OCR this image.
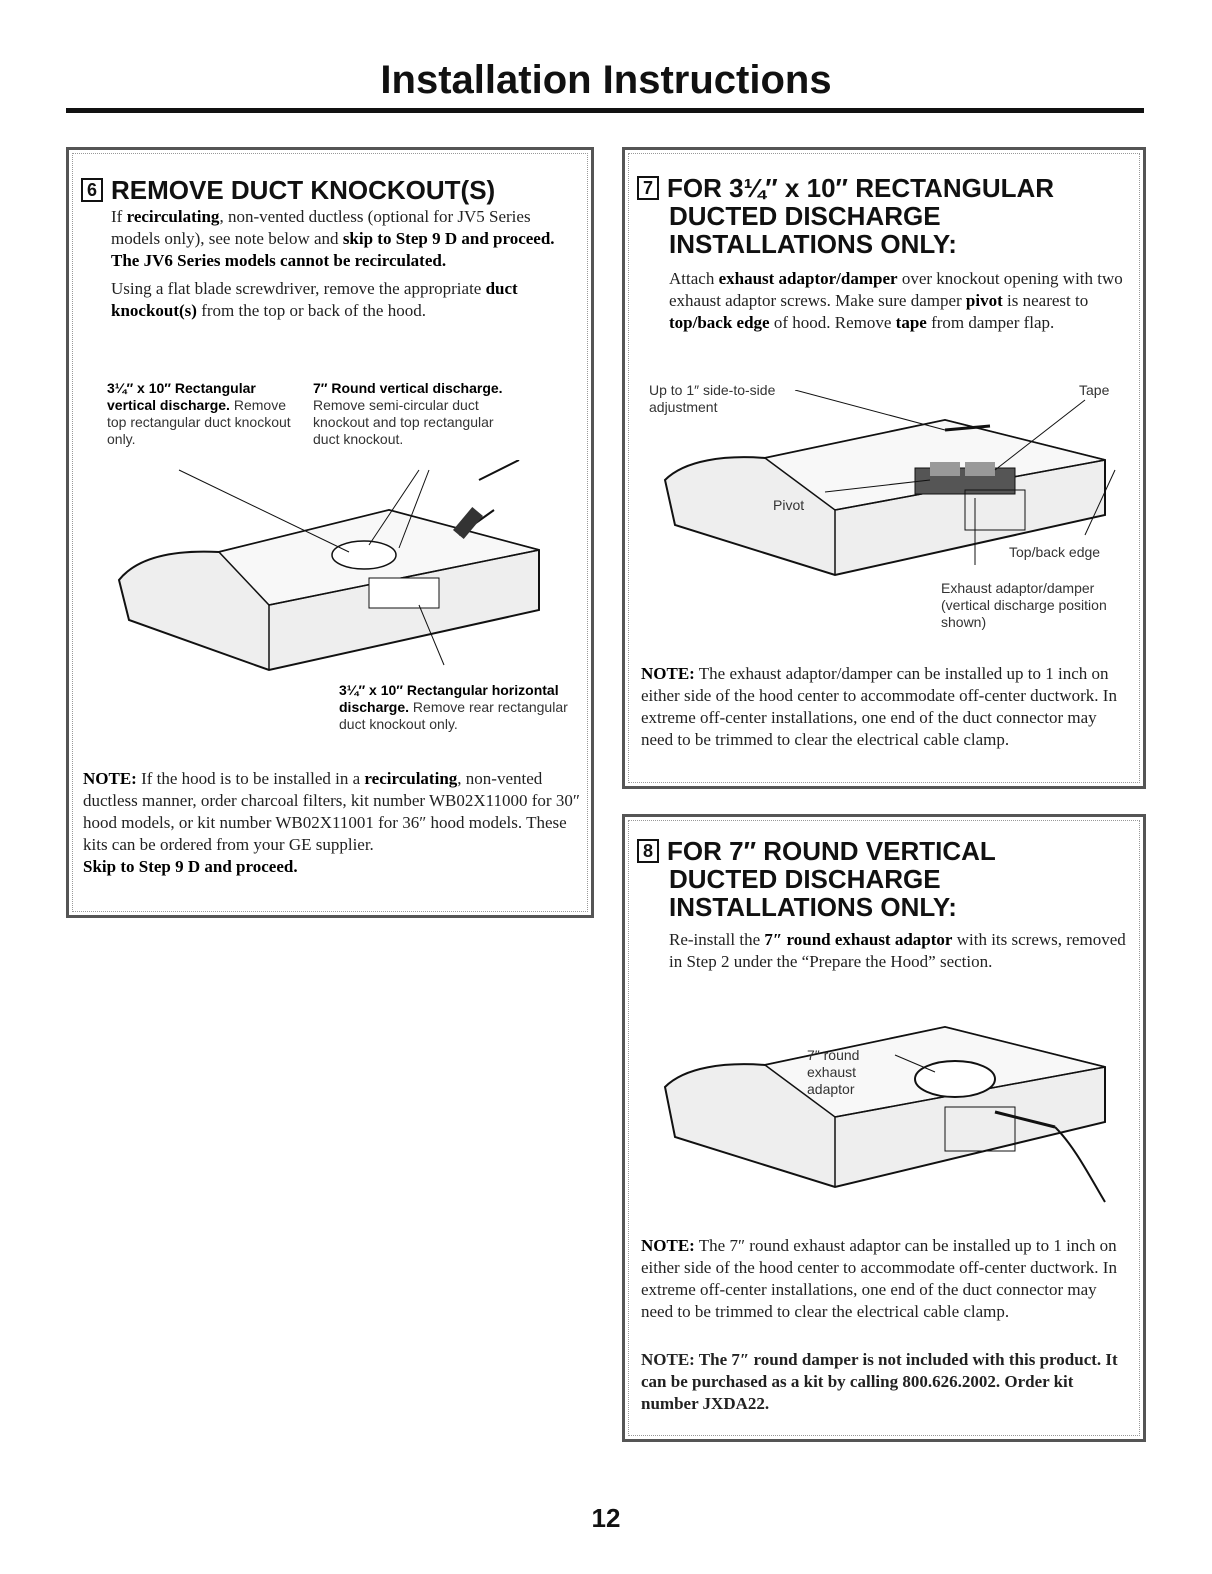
Installation Instructions
6 REMOVE DUCT KNOCKOUT(S)

If recirculating, non-vented ductless (optional for JV5 Series models only), see note below and skip to Step 9 D and proceed. The JV6 Series models cannot be recirculated.

Using a flat blade screwdriver, remove the appropriate duct knockout(s) from the top or back of the hood.

3¼″ x 10″ Rectangular vertical discharge. Remove top rectangular duct knockout only.
7″ Round vertical discharge. Remove semi-circular duct knockout and top rectangular duct knockout.
3¼″ x 10″ Rectangular horizontal discharge. Remove rear rectangular duct knockout only.
NOTE: If the hood is to be installed in a recirculating, non-vented ductless manner, order charcoal filters, kit number WB02X11000 for 30″ hood models, or kit number WB02X11001 for 36″ hood models. These kits can be ordered from your GE supplier.
Skip to Step 9 D and proceed.
7 FOR 3¼″ x 10″ RECTANGULAR
DUCTED DISCHARGE
INSTALLATIONS ONLY:
Attach exhaust adaptor/damper over knockout opening with two exhaust adaptor screws. Make sure damper pivot is nearest to top/back edge of hood. Remove tape from damper flap.
Up to 1″ side-to-side adjustment
Tape
Pivot
Top/back edge
Exhaust adaptor/damper (vertical discharge position shown)
NOTE: The exhaust adaptor/damper can be installed up to 1 inch on either side of the hood center to accommodate off-center ductwork. In extreme off-center installations, one end of the duct connector may need to be trimmed to clear the electrical cable clamp.
8 FOR 7″ ROUND VERTICAL
DUCTED DISCHARGE
INSTALLATIONS ONLY:
Re-install the 7″ round exhaust adaptor with its screws, removed in Step 2 under the “Prepare the Hood” section.
7″ round exhaust adaptor
NOTE: The 7″ round exhaust adaptor can be installed up to 1 inch on either side of the hood center to accommodate off-center ductwork. In extreme off-center installations, one end of the duct connector may need to be trimmed to clear the electrical cable clamp.
NOTE: The 7″ round damper is not included with this product. It can be purchased as a kit by calling 800.626.2002. Order kit number JXDA22.
12
